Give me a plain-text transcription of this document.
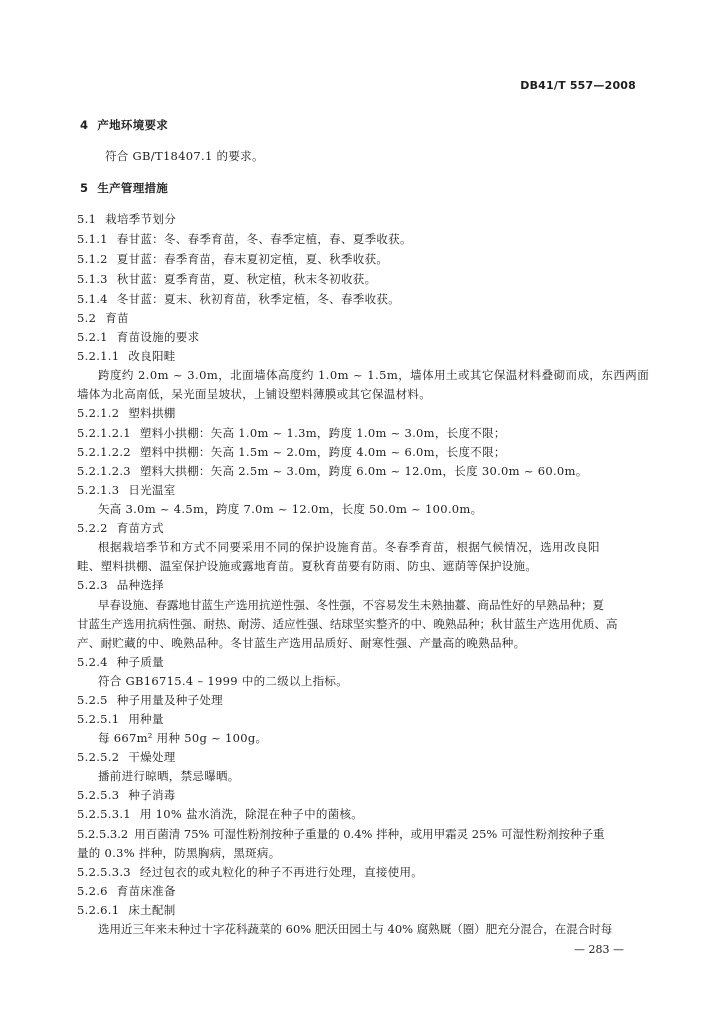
DB41/T 557—2008
4 产地环境要求
符合 GB/T18407.1 的要求。
5 生产管理措施
5.1 栽培季节划分
5.1.1 春甘蓝：冬、春季育苗，冬、春季定植，春、夏季收获。
5.1.2 夏甘蓝：春季育苗，春末夏初定植，夏、秋季收获。
5.1.3 秋甘蓝：夏季育苗，夏、秋定植，秋末冬初收获。
5.1.4 冬甘蓝：夏末、秋初育苗，秋季定植，冬、春季收获。
5.2 育苗
5.2.1 育苗设施的要求
5.2.1.1 改良阳畦
跨度约 2.0m ~ 3.0m，北面墙体高度约 1.0m ~ 1.5m，墙体用土或其它保温材料叠砌而成，东西两面
墙体为北高南低，呆光面呈坡状，上铺设塑料薄膜或其它保温材料。
5.2.1.2 塑料拱棚
5.2.1.2.1 塑料小拱棚：矢高 1.0m ~ 1.3m，跨度 1.0m ~ 3.0m，长度不限；
5.2.1.2.2 塑料中拱棚：矢高 1.5m ~ 2.0m，跨度 4.0m ~ 6.0m，长度不限；
5.2.1.2.3 塑料大拱棚：矢高 2.5m ~ 3.0m，跨度 6.0m ~ 12.0m，长度 30.0m ~ 60.0m。
5.2.1.3 日光温室
矢高 3.0m ~ 4.5m，跨度 7.0m ~ 12.0m，长度 50.0m ~ 100.0m。
5.2.2 育苗方式
根据栽培季节和方式不同要采用不同的保护设施育苗。冬春季育苗，根据气候情况，选用改良阳
畦、塑料拱棚、温室保护设施或露地育苗。夏秋育苗要有防雨、防虫、遮荫等保护设施。
5.2.3 品种选择
早春设施、春露地甘蓝生产选用抗逆性强、冬性强，不容易发生未熟抽薹、商品性好的早熟品种；夏
甘蓝生产选用抗病性强、耐热、耐涝、适应性强、结球坚实整齐的中、晚熟品种；秋甘蓝生产选用优质、高
产、耐贮藏的中、晚熟品种。冬甘蓝生产选用品质好、耐寒性强、产量高的晚熟品种。
5.2.4 种子质量
符合 GB16715.4 – 1999 中的二级以上指标。
5.2.5 种子用量及种子处理
5.2.5.1 用种量
每 667m² 用种 50g ~ 100g。
5.2.5.2 干燥处理
播前进行晾晒，禁忌曝晒。
5.2.5.3 种子消毒
5.2.5.3.1 用 10% 盐水消洗，除混在种子中的菌核。
5.2.5.3.2 用百菌清 75% 可湿性粉剂按种子重量的 0.4% 拌种，或用甲霜灵 25% 可湿性粉剂按种子重
量的 0.3% 拌种，防黑胸病，黑斑病。
5.2.5.3.3 经过包衣的或丸粒化的种子不再进行处理，直接使用。
5.2.6 育苗床准备
5.2.6.1 床土配制
选用近三年来未种过十字花科蔬菜的 60% 肥沃田园土与 40% 腐熟厩（圈）肥充分混合，在混合时每
— 283 —
